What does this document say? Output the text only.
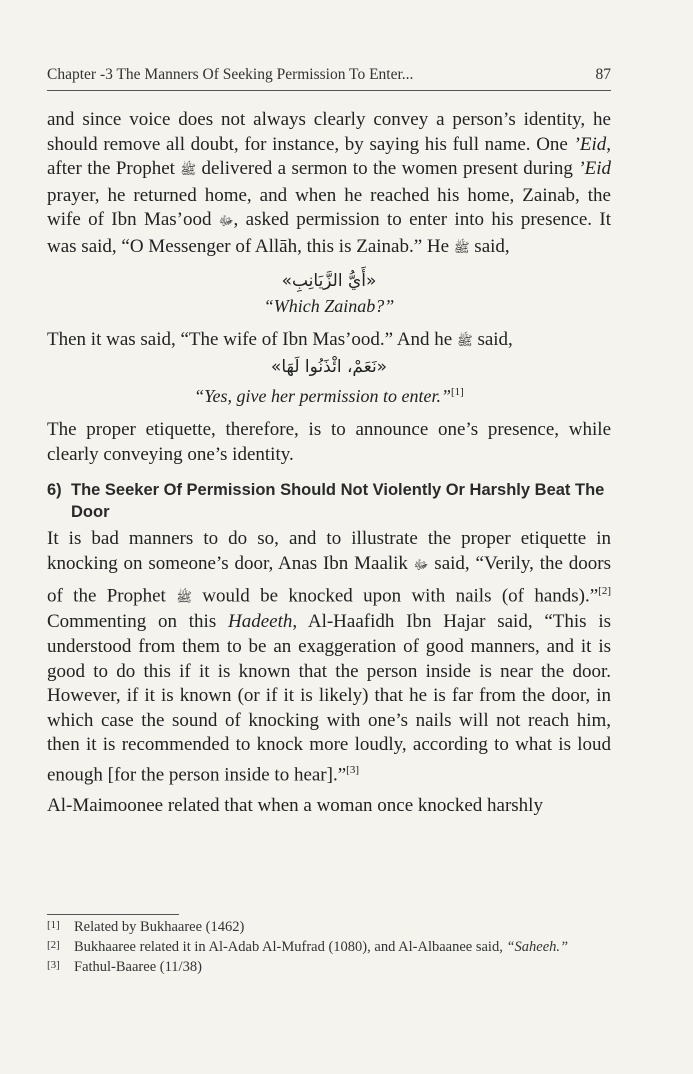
Chapter -3 The Manners Of Seeking Permission To Enter...	87

and since voice does not always clearly convey a person’s identity, he should remove all doubt, for instance, by saying his full name. One ’Eid, after the Prophet ﷺ delivered a sermon to the women present during ’Eid prayer, he returned home, and when he reached his home, Zainab, the wife of Ibn Mas’ood ﷻ, asked permission to enter into his presence. It was said, “O Messenger of Allāh, this is Zainab.” He ﷺ said,

«أَيُّ الزَّيَانِبِ»

“Which Zainab?”

Then it was said, “The wife of Ibn Mas’ood.” And he ﷺ said,

«نَعَمْ، ائْذَنُوا لَهَا»

“Yes, give her permission to enter.”[1]

The proper etiquette, therefore, is to announce one’s presence, while clearly conveying one’s identity.

6) The Seeker Of Permission Should Not Violently Or Harshly Beat The Door

It is bad manners to do so, and to illustrate the proper etiquette in knocking on someone’s door, Anas Ibn Maalik ﷻ said, “Verily, the doors of the Prophet ﷺ would be knocked upon with nails (of hands).”[2] Commenting on this Hadeeth, Al-Haafidh Ibn Hajar said, “This is understood from them to be an exaggeration of good manners, and it is good to do this if it is known that the person inside is near the door. However, if it is known (or if it is likely) that he is far from the door, in which case the sound of knocking with one’s nails will not reach him, then it is recommended to knock more loudly, according to what is loud enough [for the person inside to hear].”[3]

Al-Maimoonee related that when a woman once knocked harshly

[1] Related by Bukhaaree (1462)
[2] Bukhaaree related it in Al-Adab Al-Mufrad (1080), and Al-Albaanee said, “Saheeh.”
[3] Fathul-Baaree (11/38)
